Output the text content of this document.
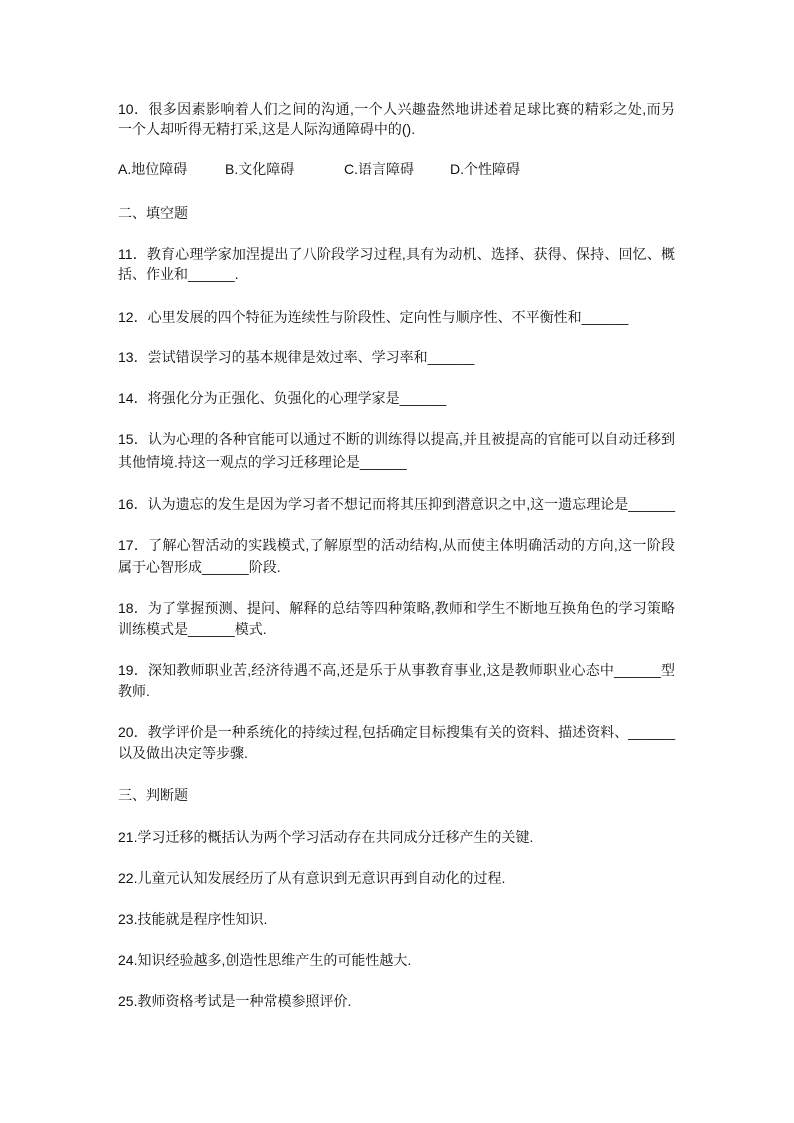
10．很多因素影响着人们之间的沟通,一个人兴趣盎然地讲述着足球比赛的精彩之处,而另
一个人却听得无精打采,这是人际沟通障碍中的().
A.地位障碍	B.文化障碍	C.语言障碍	D.个性障碍
二、填空题
11．教育心理学家加涅提出了八阶段学习过程,具有为动机、选择、获得、保持、回忆、概
括、作业和______.
12．心里发展的四个特征为连续性与阶段性、定向性与顺序性、不平衡性和______
13．尝试错误学习的基本规律是效过率、学习率和______
14．将强化分为正强化、负强化的心理学家是______
15．认为心理的各种官能可以通过不断的训练得以提高,并且被提高的官能可以自动迁移到
其他情境.持这一观点的学习迁移理论是______
16．认为遗忘的发生是因为学习者不想记而将其压抑到潜意识之中,这一遗忘理论是______
17．了解心智活动的实践模式,了解原型的活动结构,从而使主体明确活动的方向,这一阶段
属于心智形成______阶段.
18．为了掌握预测、提问、解释的总结等四种策略,教师和学生不断地互换角色的学习策略
训练模式是______模式.
19．深知教师职业苦,经济待遇不高,还是乐于从事教育事业,这是教师职业心态中______型
教师.
20．教学评价是一种系统化的持续过程,包括确定目标搜集有关的资料、描述资料、______
以及做出决定等步骤.
三、判断题
21.学习迁移的概括认为两个学习活动存在共同成分迁移产生的关键.
22.儿童元认知发展经历了从有意识到无意识再到自动化的过程.
23.技能就是程序性知识.
24.知识经验越多,创造性思维产生的可能性越大.
25.教师资格考试是一种常模参照评价.
